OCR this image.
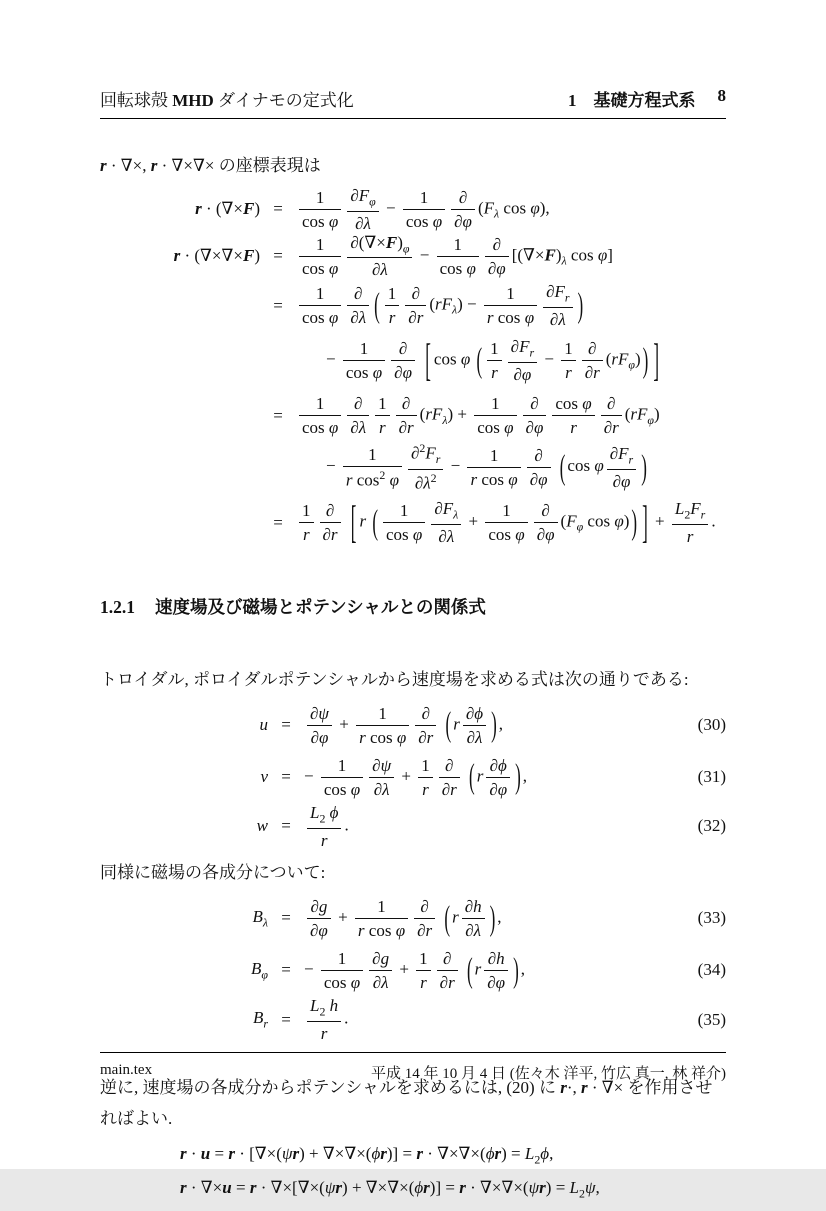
回転球殻 MHD ダイナモの定式化	1　基礎方程式系 8

r · ∇×, r · ∇×∇× の座標表現は

$r \cdot (\nabla\times F) = \frac{1}{\text{cos φ}} \frac{\partial F_\varphi}{\partial\lambda} - \frac{1}{\text{cos φ}}$ ∂
∂φ
($F_\lambda$ cos φ),
$r \cdot (\nabla\times\nabla\times F) = \frac{1}{\text{cos φ}} \frac{\partial(\nabla\times F)_\varphi}{\partial\lambda} - \frac{1}{\text{cos φ}}$ ∂
∂φ
[$(\nabla\times F)_\lambda$ cos φ]
= $\frac{1}{\text{cos φ}}$ ∂
∂λ ( $\frac{1}{r}$ ∂
∂r
$(rF_\lambda) - \frac{1}{\text{r cos φ}} \frac{\partial F_r}{\partial\lambda}$ )
− $\frac{1}{\text{cos φ}}$ ∂
∂φ [ cos φ ( $\frac{1}{r} \frac{\partial F_r}{\partial\varphi} - \frac{1}{r}$ ∂
∂r
$(rF_\varphi)$ ) ]
= $\frac{1}{\text{cos φ}}$ ∂
$\partial\lambda \frac{1}{r}$ ∂
∂r
$(rF_\lambda) + \frac{1}{\text{cos φ}}$ ∂
$\partial\varphi \frac{\text{cos φ}}{r}$ ∂
∂r
$(rF_\varphi)$
− $\frac{1}{r \cos^2 \varphi} \frac{\partial^2F_r}{\partial\lambda^2} - \frac{1}{\text{r cos φ}}$ ∂
∂φ ( cos φ $\frac{\partial F_r}{\partial\varphi}$ )
= $\frac{1}{r}$ ∂
∂r [ r ( $\frac{1}{\text{cos φ}} \frac{\partial F_\lambda}{\partial\lambda} + \frac{1}{\text{cos φ}}$ ∂
∂φ
($F_\varphi$ cos φ) ) ] + $\frac{L_2F_r}{r}$ .
1.2.1 速度場及び磁場とポテンシャルとの関係式

トロイダル, ポロイダルポテンシャルから速度場を求める式は次の通りである:

$u = \frac{\partial\psi}{\partial\varphi} + \frac{1}{\text{r cos φ}}$ ∂
∂r ( r $\frac{\partial\phi}{\partial\lambda}$ ) ,	(30)
v = − $\frac{1}{\text{cos φ}} \frac{\partial\psi}{\partial\lambda} + \frac{1}{r}$ ∂
∂r ( r $\frac{\partial\phi}{\partial\varphi}$ ) ,	(31)
$w = \frac{L_2 \phi}{r}$ .	(32)

同様に磁場の各成分について:

$B_\lambda = \frac{\partial g}{\partial\varphi} + \frac{1}{\text{r cos φ}}$ ∂
∂r ( r $\frac{\partial h}{\partial\lambda}$ ) ,	(33)
$B_\varphi$ = − $\frac{1}{\text{cos φ}} \frac{\partial g}{\partial\lambda} + \frac{1}{r}$ ∂
∂r ( r $\frac{\partial h}{\partial\varphi}$ ) ,	(34)
$B_r = \frac{L_2 h}{r}$ .	(35)

逆に, 速度場の各成分からポテンシャルを求めるには, (20) に r·, r · ∇× を作用させればよい.

$r \cdot u = r \cdot [\nabla\times(\psi r) + \nabla\times\nabla\times(\phi r)] = r \cdot \nabla\times\nabla\times(\phi r) = L_2\phi$,
$r \cdot \nabla\times u = r \cdot \nabla\times[\nabla\times(\psi r) + \nabla\times\nabla\times(\phi r)] = r \cdot \nabla\times\nabla\times(\psi r) = L_2\psi$,
main.tex	平成 14 年 10 月 4 日 (佐々木 洋平, 竹広 真一, 林 祥介)
